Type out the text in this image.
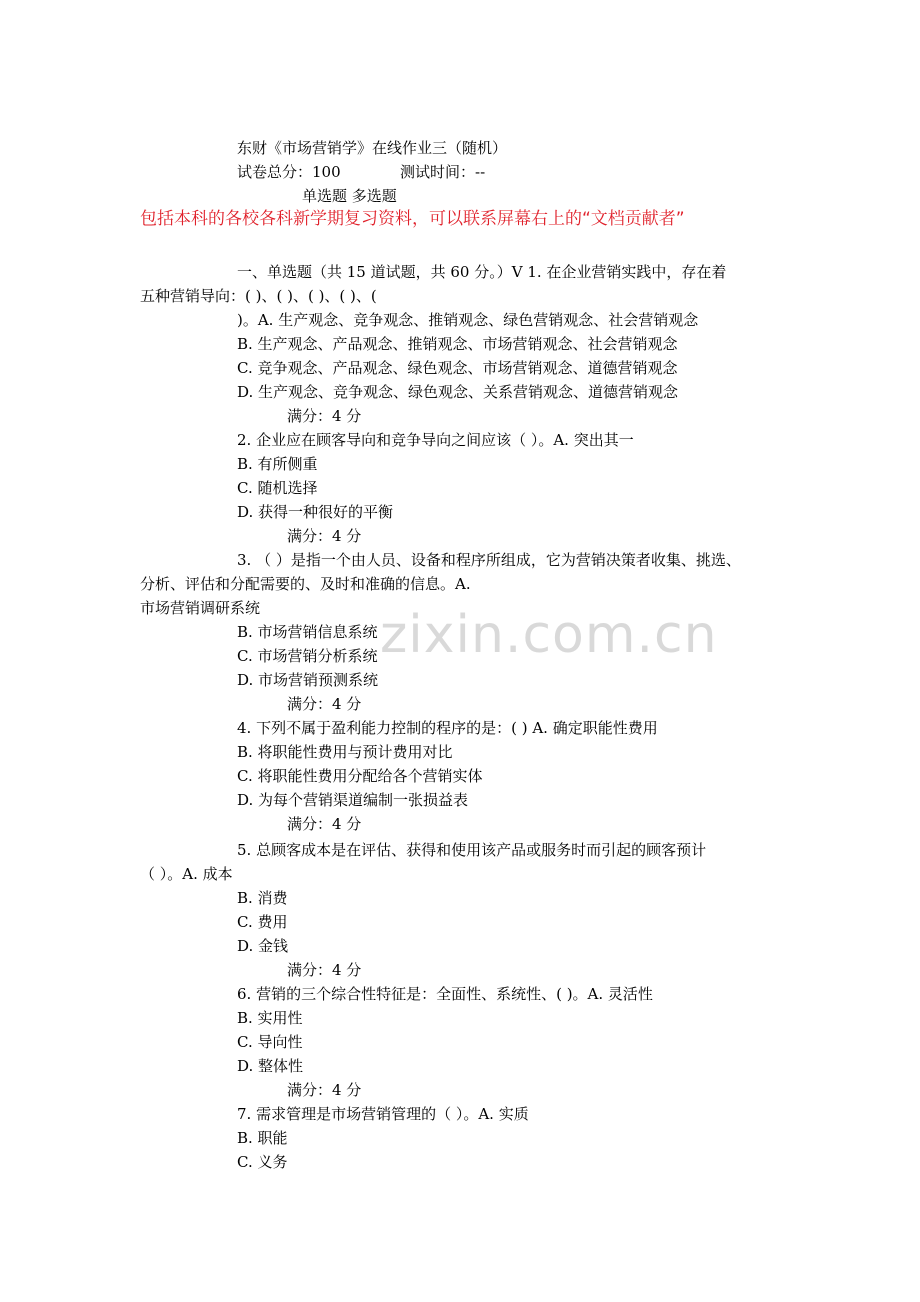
东财《市场营销学》在线作业三（随机）
试卷总分：100	测试时间：--
单选题 多选题
包括本科的各校各科新学期复习资料，可以联系屏幕右上的“文档贡献者”
zixin.com.cn
一、单选题（共 15 道试题，共 60 分。）V 1. 在企业营销实践中，存在着
五种营销导向：( )、( )、( )、( )、(
)。A. 生产观念、竞争观念、推销观念、绿色营销观念、社会营销观念
B. 生产观念、产品观念、推销观念、市场营销观念、社会营销观念
C. 竞争观念、产品观念、绿色观念、市场营销观念、道德营销观念
D. 生产观念、竞争观念、绿色观念、关系营销观念、道德营销观念
满分：4 分
2. 企业应在顾客导向和竞争导向之间应该（ ）。A. 突出其一
B. 有所侧重
C. 随机选择
D. 获得一种很好的平衡
满分：4 分
3. （ ）是指一个由人员、设备和程序所组成，它为营销决策者收集、挑选、
分析、评估和分配需要的、及时和准确的信息。A.
市场营销调研系统
B. 市场营销信息系统
C. 市场营销分析系统
D. 市场营销预测系统
满分：4 分
4. 下列不属于盈利能力控制的程序的是：( ) A. 确定职能性费用
B. 将职能性费用与预计费用对比
C. 将职能性费用分配给各个营销实体
D. 为每个营销渠道编制一张损益表
满分：4 分
5. 总顾客成本是在评估、获得和使用该产品或服务时而引起的顾客预计
（ ）。A. 成本
B. 消费
C. 费用
D. 金钱
满分：4 分
6. 营销的三个综合性特征是：全面性、系统性、( )。A. 灵活性
B. 实用性
C. 导向性
D. 整体性
满分：4 分
7. 需求管理是市场营销管理的（ ）。A. 实质
B. 职能
C. 义务
